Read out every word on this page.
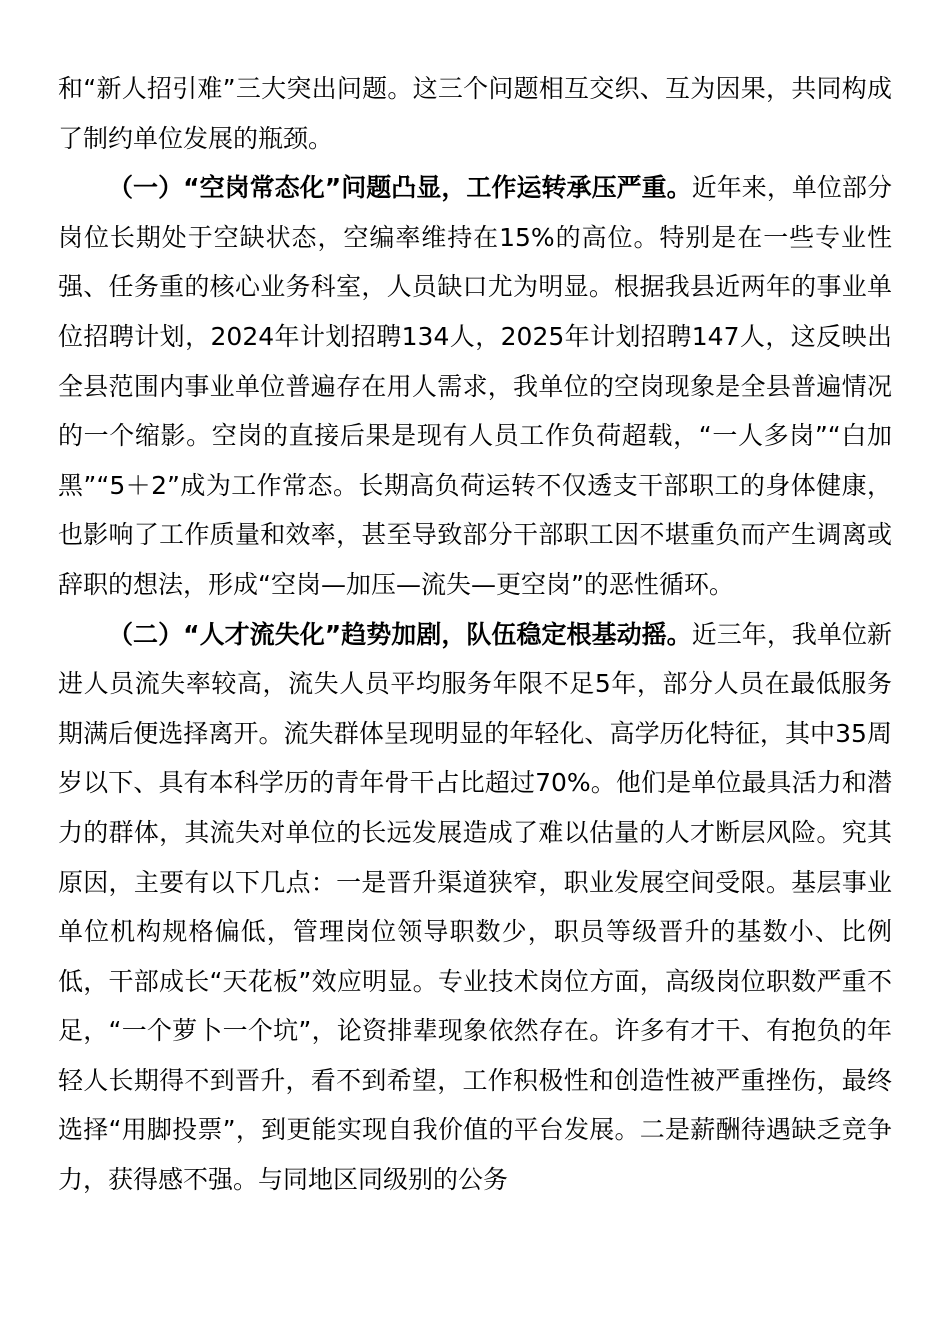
和“新人招引难”三大突出问题。这三个问题相互交织、互为因果，共同构成了制约单位发展的瓶颈。

（一）“空岗常态化”问题凸显，工作运转承压严重。近年来，单位部分岗位长期处于空缺状态，空编率维持在15%的高位。特别是在一些专业性强、任务重的核心业务科室，人员缺口尤为明显。根据我县近两年的事业单位招聘计划，2024年计划招聘134人，2025年计划招聘147人，这反映出全县范围内事业单位普遍存在用人需求，我单位的空岗现象是全县普遍情况的一个缩影。空岗的直接后果是现有人员工作负荷超载，“一人多岗”“白加黑”“5＋2”成为工作常态。长期高负荷运转不仅透支干部职工的身体健康，也影响了工作质量和效率，甚至导致部分干部职工因不堪重负而产生调离或辞职的想法，形成“空岗—加压—流失—更空岗”的恶性循环。

（二）“人才流失化”趋势加剧，队伍稳定根基动摇。近三年，我单位新进人员流失率较高，流失人员平均服务年限不足5年，部分人员在最低服务期满后便选择离开。流失群体呈现明显的年轻化、高学历化特征，其中35周岁以下、具有本科学历的青年骨干占比超过70%。他们是单位最具活力和潜力的群体，其流失对单位的长远发展造成了难以估量的人才断层风险。究其原因，主要有以下几点：一是晋升渠道狭窄，职业发展空间受限。基层事业单位机构规格偏低，管理岗位领导职数少，职员等级晋升的基数小、比例低，干部成长“天花板”效应明显。专业技术岗位方面，高级岗位职数严重不足，“一个萝卜一个坑”，论资排辈现象依然存在。许多有才干、有抱负的年轻人长期得不到晋升，看不到希望，工作积极性和创造性被严重挫伤，最终选择“用脚投票”，到更能实现自我价值的平台发展。二是薪酬待遇缺乏竞争力，获得感不强。与同地区同级别的公务
